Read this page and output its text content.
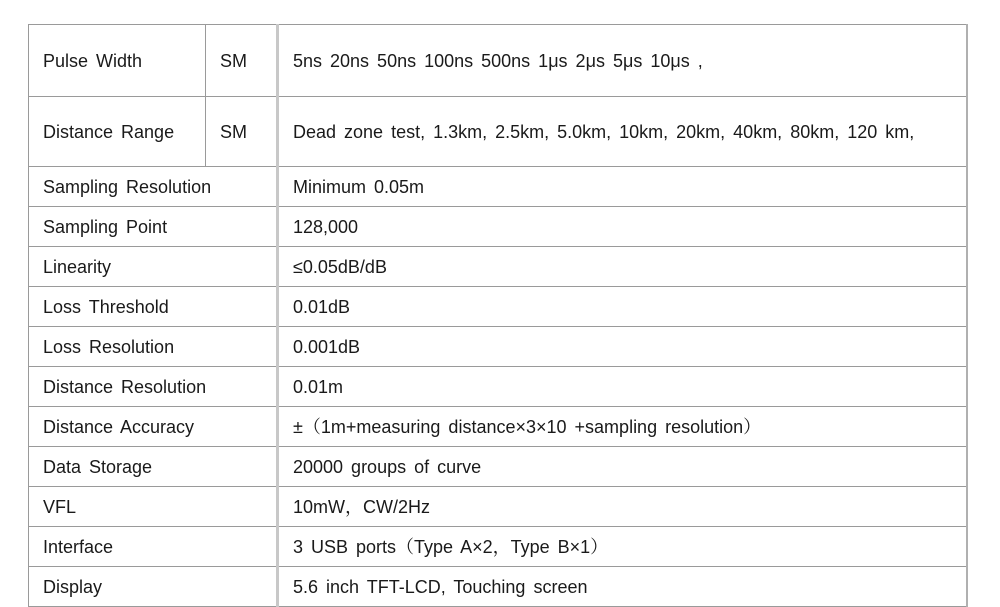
Pulse Width	SM	5ns 20ns 50ns 100ns 500ns 1μs 2μs 5μs 10μs ,
Distance Range	SM	Dead zone test, 1.3km, 2.5km, 5.0km, 10km, 20km, 40km, 80km, 120 km,
Sampling Resolution		Minimum 0.05m
Sampling Point		128,000
Linearity		≤0.05dB/dB
Loss Threshold		0.01dB
Loss Resolution		0.001dB
Distance Resolution		0.01m
Distance Accuracy		±（1m+measuring distance×3×10 +sampling resolution）
Data Storage		20000 groups of curve
VFL		10mW，CW/2Hz
Interface		3 USB ports（Type A×2，Type B×1）
Display		5.6 inch TFT-LCD, Touching screen
